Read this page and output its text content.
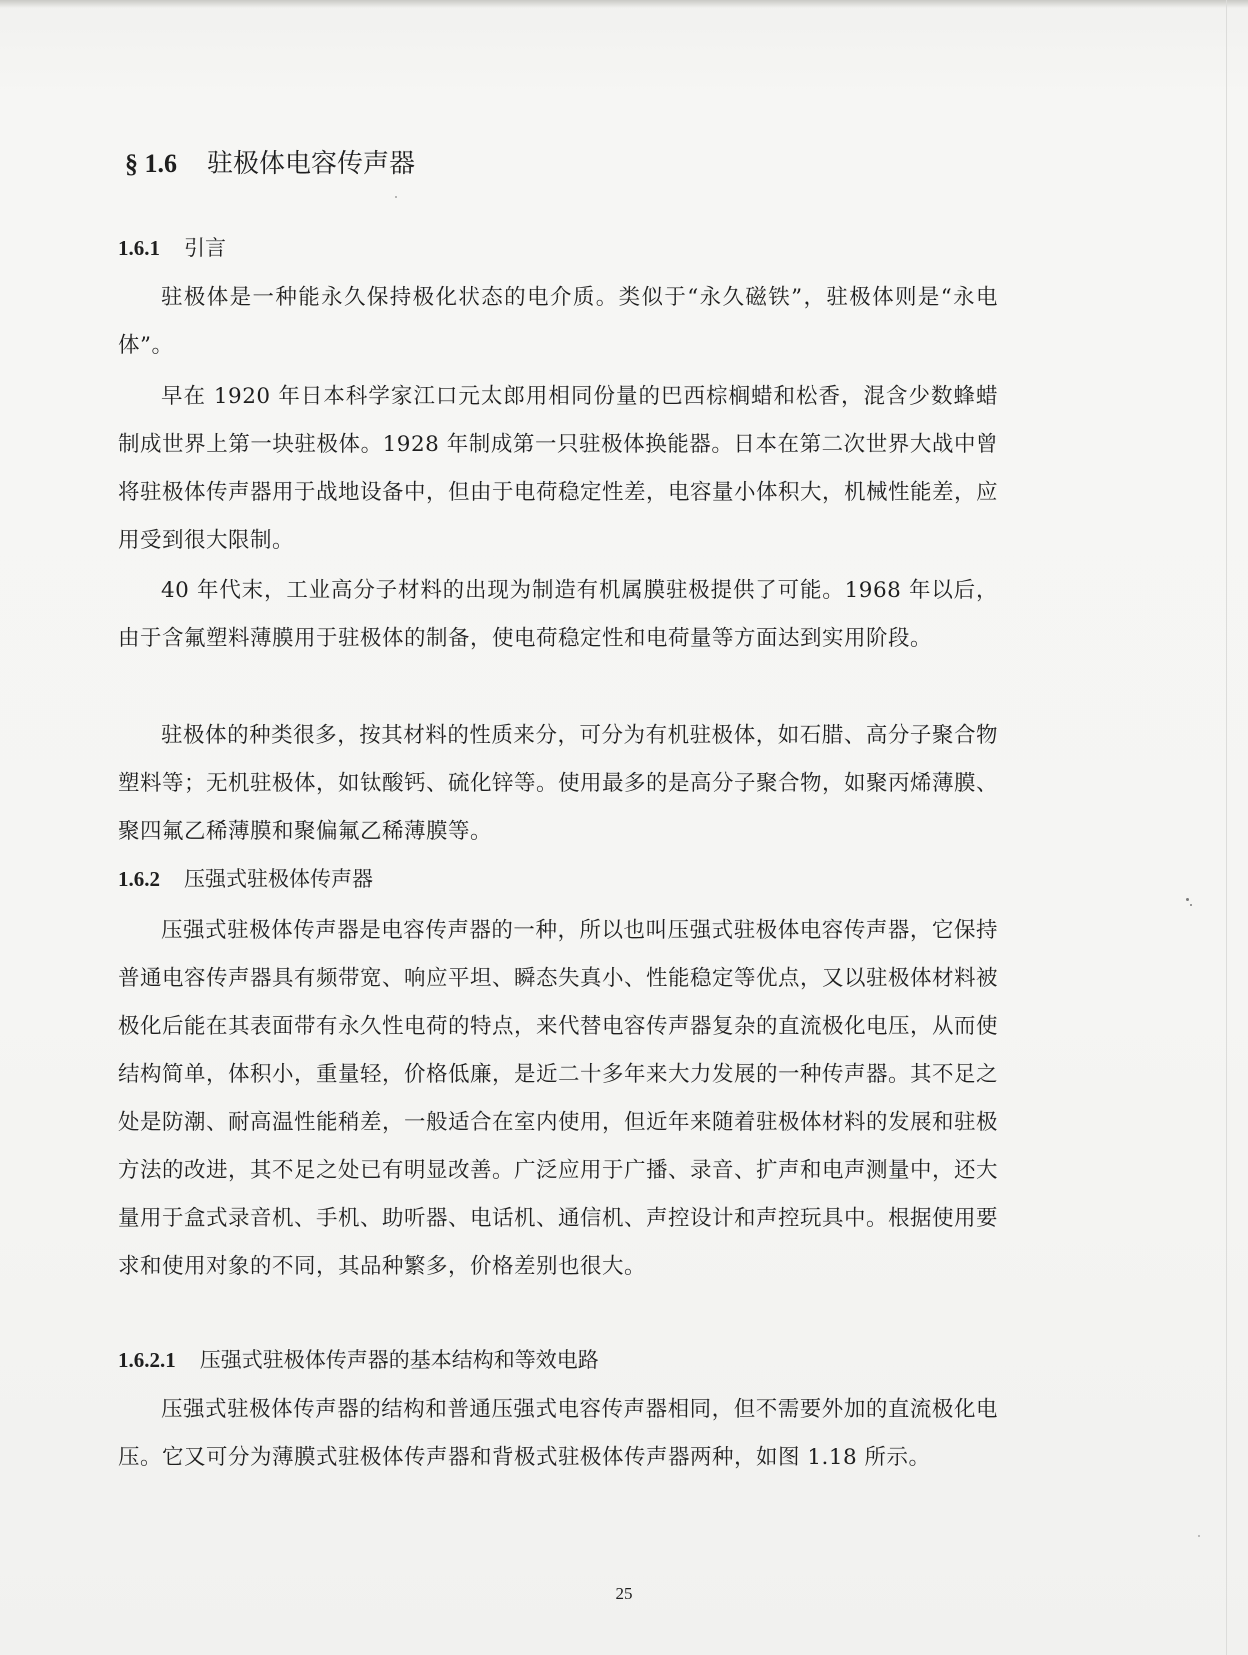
§ 1.6 驻极体电容传声器
1.6.1 引言

驻极体是一种能永久保持极化状态的电介质。类似于“永久磁铁”，驻极体则是“永电体”。

早在 1920 年日本科学家江口元太郎用相同份量的巴西棕榈蜡和松香，混含少数蜂蜡制成世界上第一块驻极体。1928 年制成第一只驻极体换能器。日本在第二次世界大战中曾将驻极体传声器用于战地设备中，但由于电荷稳定性差，电容量小体积大，机械性能差，应用受到很大限制。

40 年代末，工业高分子材料的出现为制造有机属膜驻极提供了可能。1968 年以后，由于含氟塑料薄膜用于驻极体的制备，使电荷稳定性和电荷量等方面达到实用阶段。

驻极体的种类很多，按其材料的性质来分，可分为有机驻极体，如石腊、高分子聚合物塑料等；无机驻极体，如钛酸钙、硫化锌等。使用最多的是高分子聚合物，如聚丙烯薄膜、聚四氟乙稀薄膜和聚偏氟乙稀薄膜等。

1.6.2 压强式驻极体传声器

压强式驻极体传声器是电容传声器的一种，所以也叫压强式驻极体电容传声器，它保持普通电容传声器具有频带宽、响应平坦、瞬态失真小、性能稳定等优点，又以驻极体材料被极化后能在其表面带有永久性电荷的特点，来代替电容传声器复杂的直流极化电压，从而使结构简单，体积小，重量轻，价格低廉，是近二十多年来大力发展的一种传声器。其不足之处是防潮、耐高温性能稍差，一般适合在室内使用，但近年来随着驻极体材料的发展和驻极方法的改进，其不足之处已有明显改善。广泛应用于广播、录音、扩声和电声测量中，还大量用于盒式录音机、手机、助听器、电话机、通信机、声控设计和声控玩具中。根据使用要求和使用对象的不同，其品种繁多，价格差别也很大。

1.6.2.1 压强式驻极体传声器的基本结构和等效电路

压强式驻极体传声器的结构和普通压强式电容传声器相同，但不需要外加的直流极化电压。它又可分为薄膜式驻极体传声器和背极式驻极体传声器两种，如图 1.18 所示。

25
